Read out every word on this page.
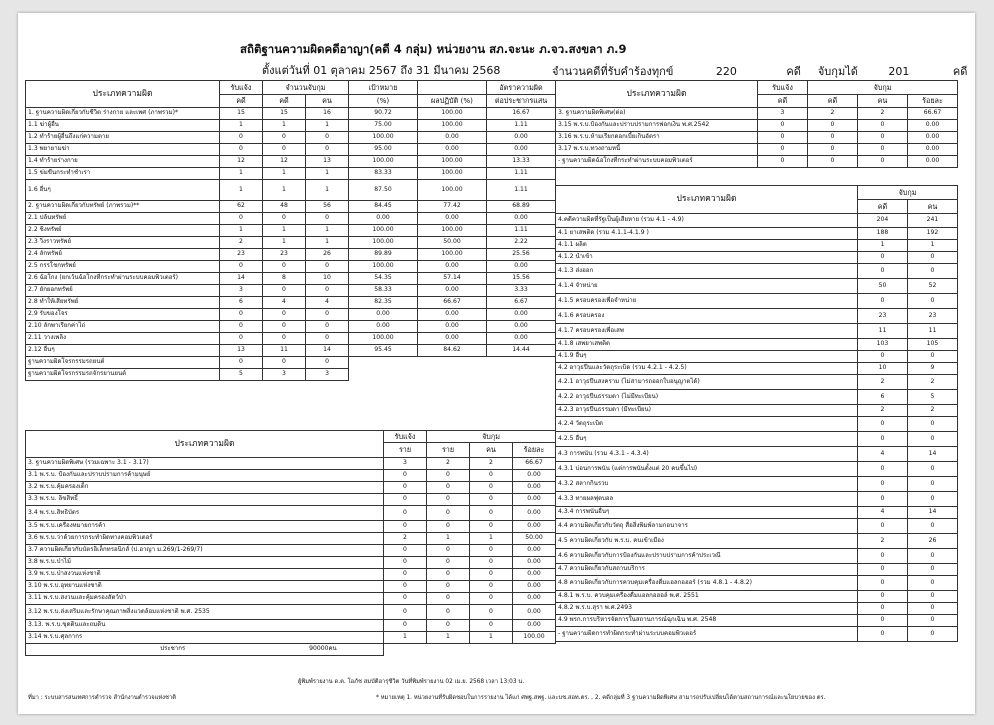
สถิติฐานความผิดคดีอาญา(คดี 4 กลุ่ม) หน่วยงาน สภ.จะนะ ภ.จว.สงขลา ภ.9
ตั้งแต่วันที่ 01 ตุลาคม 2567 ถึง 31 มีนาคม 2568	จำนวนคดีที่รับคำร้องทุกข์	220	คดี จับกุมได้	201	คดี
ประเภทความผิด	รับแจ้ง	จำนวนจับกุม		เป้าหมาย		อัตราความผิด
	คดี	คดี	คน	(%)	ผลปฏิบัติ (%)	ต่อประชากรแสน
1. ฐานความผิดเกี่ยวกับชีวิต ร่างกาย และเพศ (ภาพรวม)*	15	15	16	90.72	100.00	16.67
1.1 ฆ่าผู้อื่น	1	1	1	75.00	100.00	1.11
1.2 ทำร้ายผู้อื่นถึงแก่ความตาย	0	0	0	100.00	0.00	0.00
1.3 พยายามฆ่า	0	0	0	95.00	0.00	0.00
1.4 ทำร้ายร่างกาย	12	12	13	100.00	100.00	13.33
1.5 ข่มขืนกระทำชำเรา	1	1	1	83.33	100.00	1.11
1.6 อื่นๆ	1	1	1	87.50	100.00	1.11
2. ฐานความผิดเกี่ยวกับทรัพย์ (ภาพรวม)**	62	48	56	84.45	77.42	68.89
2.1 ปล้นทรัพย์	0	0	0	0.00	0.00	0.00
2.2 ชิงทรัพย์	1	1	1	100.00	100.00	1.11
2.3 วิ่งราวทรัพย์	2	1	1	100.00	50.00	2.22
2.4 ลักทรัพย์	23	23	26	89.89	100.00	25.56
2.5 กรรโชกทรัพย์	0	0	0	100.00	0.00	0.00
2.6 ฉ้อโกง (ยกเว้นฉ้อโกงที่กระทำผ่านระบบคอมพิวเตอร์)	14	8	10	54.35	57.14	15.56
2.7 ยักยอกทรัพย์	3	0	0	58.33	0.00	3.33
2.8 ทำให้เสียทรัพย์	6	4	4	82.35	66.67	6.67
2.9 รับของโจร	0	0	0	0.00	0.00	0.00
2.10 ลักพาเรียกค่าไถ่	0	0	0	0.00	0.00	0.00
2.11 วางเพลิง	0	0	0	100.00	0.00	0.00
2.12 อื่นๆ	13	11	14	95.45	84.62	14.44
ฐานความผิดโจรกรรมรถยนต์	0	0	0			
ฐานความผิดโจรกรรมรถจักรยานยนต์	5	3	3			
ประเภทความผิด	รับแจ้ง	จับกุม		
	ราย	ราย	คน	ร้อยละ
3. ฐานความผิดพิเศษ (รวมเฉพาะ 3.1 - 3.17)	3	2	2	66.67
3.1 พ.ร.บ. ป้องกันและปราบปรามการค้ามนุษย์	0	0	0	0.00
3.2 พ.ร.บ.คุ้มครองเด็ก	0	0	0	0.00
3.3 พ.ร.บ. ลิขสิทธิ์	0	0	0	0.00
3.4 พ.ร.บ.สิทธิบัตร	0	0	0	0.00
3.5 พ.ร.บ.เครื่องหมายการค้า	0	0	0	0.00
3.6 พ.ร.บ.ว่าด้วยการกระทำผิดทางคอมพิวเตอร์	2	1	1	50.00
3.7 ความผิดเกี่ยวกับบัตรอิเล็กทรอนิกส์ (ป.อาญา ม.269/1-269/7)	0	0	0	0.00
3.8 พ.ร.บ.ป่าไม้	0	0	0	0.00
3.9 พ.ร.บ.ป่าสงวนแห่งชาติ	0	0	0	0.00
3.10 พ.ร.บ.อุทยานแห่งชาติ	0	0	0	0.00
3.11 พ.ร.บ.สงวนและคุ้มครองสัตว์ป่า	0	0	0	0.00
3.12 พ.ร.บ.ส่งเสริมและรักษาคุณภาพสิ่งแวดล้อมแห่งชาติ พ.ศ. 2535	0	0	0	0.00
3.13. พ.ร.บ.ขุดดินและถมดิน	0	0	0	0.00
3.14 พ.ร.บ.ศุลกากร	1	1	1	100.00
ประชากร 90000คน				
ผู้พิมพ์รายงาน ด.ต. โอภัช สมบัติอารุชีวิต วันที่พิมพ์รายงาน 02 เม.ย. 2568 เวลา 13:03 น.
ประเภทความผิด	รับแจ้ง	จับกุม		
	คดี	คดี	คน	ร้อยละ
3. ฐานความผิดพิเศษ(ต่อ)	3	2	2	66.67
3.15 พ.ร.บ.ป้องกันและปราบปรามการฟอกเงิน พ.ศ.2542	0	0	0	0.00
3.16 พ.ร.บ.ห้ามเรียกดอกเบี้ยเกินอัตรา	0	0	0	0.00
3.17 พ.ร.บ.ทวงถามหนี้	0	0	0	0.00
- ฐานความผิดฉ้อโกงที่กระทำผ่านระบบคอมพิวเตอร์	0	0	0	0.00
ประเภทความผิด	จับกุม	
	คดี	คน
4.คดีความผิดที่รัฐเป็นผู้เสียหาย (รวม 4.1 - 4.9)	204	241
4.1 ยาเสพติด (รวม 4.1.1-4.1.9 )	188	192
4.1.1 ผลิต	1	1
4.1.2 นำเข้า	0	0
4.1.3 ส่งออก	0	0
4.1.4 จำหน่าย	50	52
4.1.5 ครอบครองเพื่อจำหน่าย	0	0
4.1.6 ครอบครอง	23	23
4.1.7 ครอบครองเพื่อเสพ	11	11
4.1.8 เสพยาเสพติด	103	105
4.1.9 อื่นๆ	0	0
4.2 อาวุธปืนและวัตถุระเบิด (รวม 4.2.1 - 4.2.5)	10	9
4.2.1 อาวุธปืนสงคราม (ไม่สามารถออกใบอนุญาตได้)	2	2
4.2.2 อาวุธปืนธรรมดา (ไม่มีทะเบียน)	6	5
4.2.3 อาวุธปืนธรรมดา (มีทะเบียน)	2	2
4.2.4 วัตถุระเบิด	0	0
4.2.5 อื่นๆ	0	0
4.3 การพนัน (รวม 4.3.1 - 4.3.4)	4	14
4.3.1 บ่อนการพนัน (แต่การพนันตั้งแต่ 20 คนขึ้นไป)	0	0
4.3.2 สลากกินรวบ	0	0
4.3.3 ทายผลฟุตบอล	0	0
4.3.4 การพนันอื่นๆ	4	14
4.4 ความผิดเกี่ยวกับวัตถุ สื่อสิ่งพิมพ์ลามกอนาจาร	0	0
4.5 ความผิดเกี่ยวกับ พ.ร.บ. คนเข้าเมือง	2	26
4.6 ความผิดเกี่ยวกับการป้องกันและปราบปรามการค้าประเวณี	0	0
4.7 ความผิดเกี่ยวกับสถานบริการ	0	0
4.8 ความผิดเกี่ยวกับการควบคุมเครื่องดื่มแอลกอฮอร์ (รวม 4.8.1 - 4.8.2)	0	0
4.8.1 พ.ร.บ. ควบคุมเครื่องดื่มแอลกอฮอล์ พ.ศ. 2551	0	0
4.8.2 พ.ร.บ.สุรา พ.ศ.2493	0	0
4.9 พรก.การบริหารจัดการในสถานการณ์ฉุกเฉิน พ.ศ. 2548	0	0
- ฐานความผิดการทำผิดกระทำผ่านระบบคอมพิวเตอร์	0	0
ที่มา : ระบบสารสนเทศการตำรวจ สำนักงานตำรวจแห่งชาติ	* หมายเหตุ 1. หน่วยงานที่รับผิดชอบในการรายงาน ได้แก่ ศพฐ.สพฐ. และบช.สอท.ตร. , 2. คดีกลุ่มที่ 3 ฐานความผิดพิเศษ สามารถปรับเปลี่ยนได้ตามสถานการณ์และนโยบายของ ตร.
